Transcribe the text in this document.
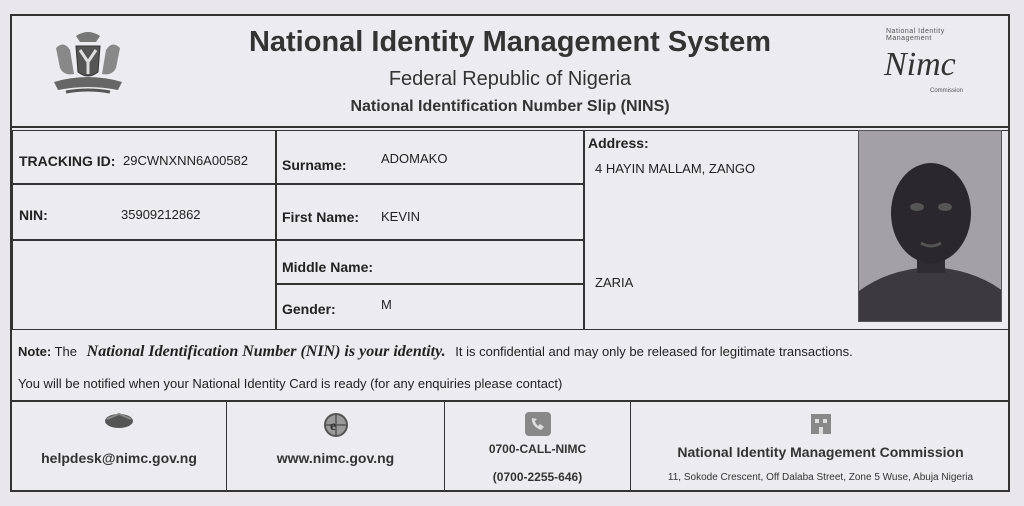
National Identity Management System
Federal Republic of Nigeria
National Identification Number Slip (NINS)
National Identity Management
Nimc
Commission
TRACKING ID: 29CWNXNN6A00582
NIN:	35909212862
Surname:	ADOMAKO
First Name: KEVIN
Middle Name:
Gender:	M
Address:
4 HAYIN MALLAM, ZANGO
ZARIA
Note: The National Identification Number (NIN) is your identity. It is confidential and may only be released for legitimate transactions.
You will be notified when your National Identity Card is ready (for any enquiries please contact)
helpdesk@nimc.gov.ng
e
www.nimc.gov.ng
0700-CALL-NIMC
(0700-2255-646)
National Identity Management Commission
11, Sokode Crescent, Off Dalaba Street, Zone 5 Wuse, Abuja Nigeria
